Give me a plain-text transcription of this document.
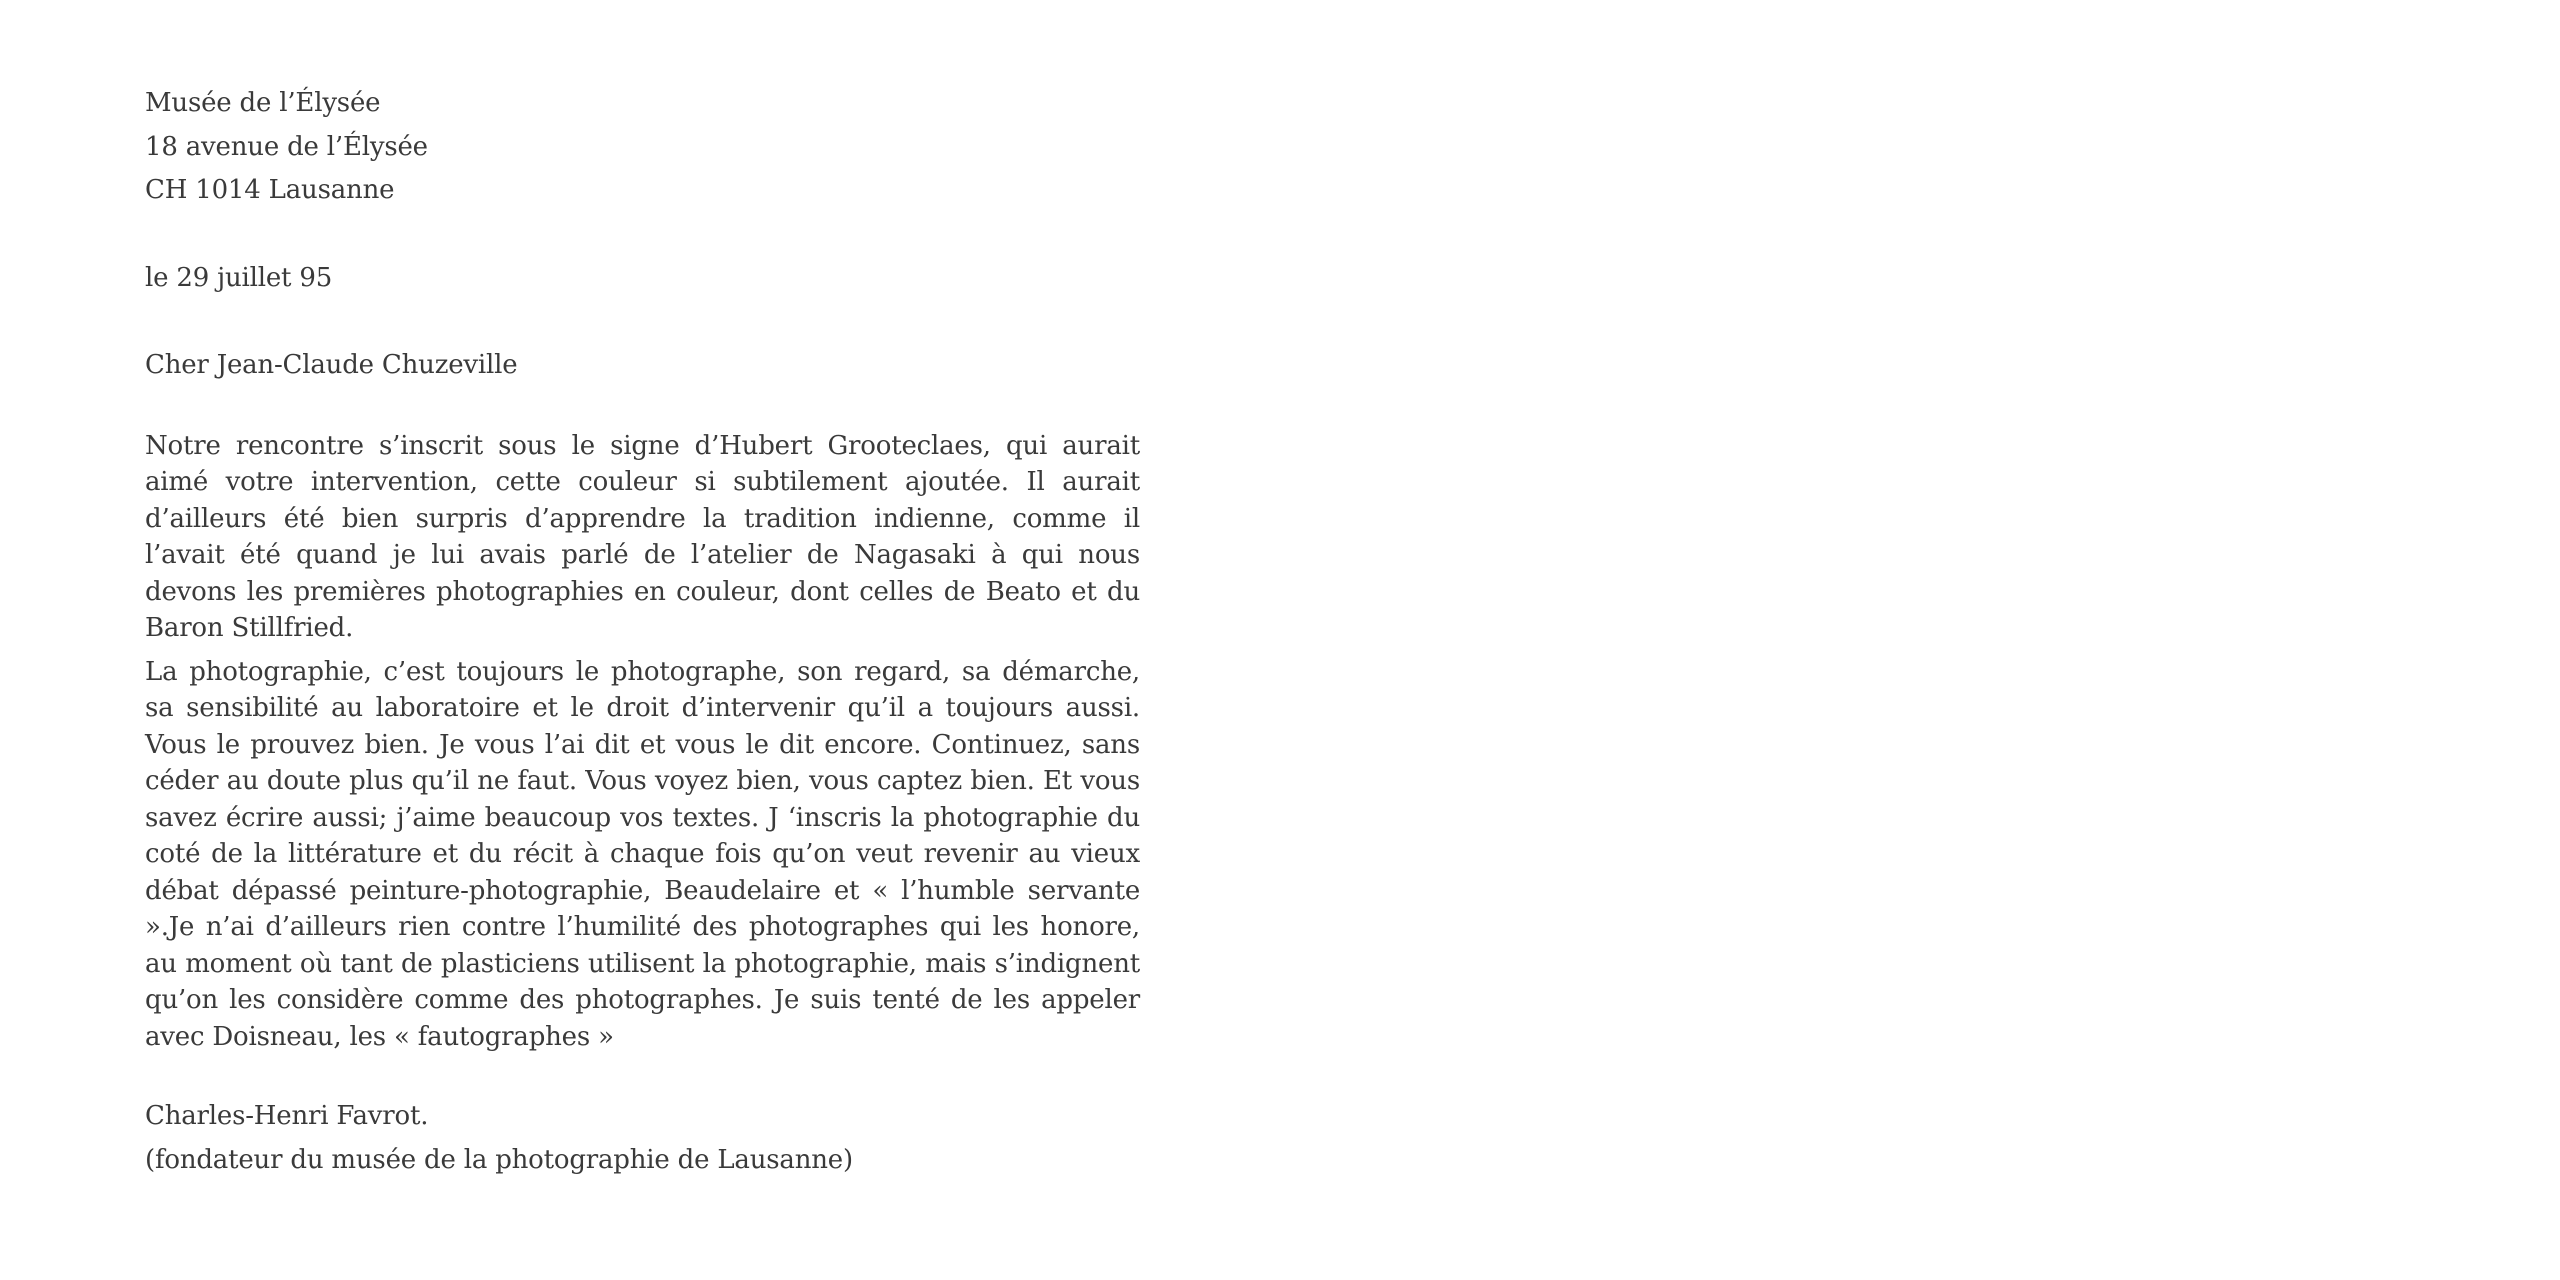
Musée de l’Élysée
18 avenue de l’Élysée
CH 1014 Lausanne
le 29 juillet 95
Cher Jean-Claude Chuzeville

Notre rencontre s’inscrit sous le signe d’Hubert Grooteclaes, qui aurait aimé votre intervention, cette couleur si subtilement ajoutée. Il aurait d’ailleurs été bien surpris d’apprendre la tradition indienne, comme il l’avait été quand je lui avais parlé de l’atelier de Nagasaki à qui nous devons les premières photographies en couleur, dont celles de Beato et du Baron Stillfried.

La photographie, c’est toujours le photographe, son regard, sa démarche, sa sensibilité au laboratoire et le droit d’intervenir qu’il a toujours aussi. Vous le prouvez bien. Je vous l’ai dit et vous le dit encore. Continuez, sans céder au doute plus qu’il ne faut. Vous voyez bien, vous captez bien. Et vous savez écrire aussi; j’aime beaucoup vos textes. J ‘inscris la photographie du coté de la littérature et du récit à chaque fois qu’on veut revenir au vieux débat dépassé peinture-photographie, Beaudelaire et « l’humble servante ».Je n’ai d’ailleurs rien contre l’humilité des photographes qui les honore, au moment où tant de plasticiens utilisent la photographie, mais s’indignent qu’on les considère comme des photographes. Je suis tenté de les appeler avec Doisneau, les « fautographes »

Charles-Henri Favrot.
(fondateur du musée de la photographie de Lausanne)
